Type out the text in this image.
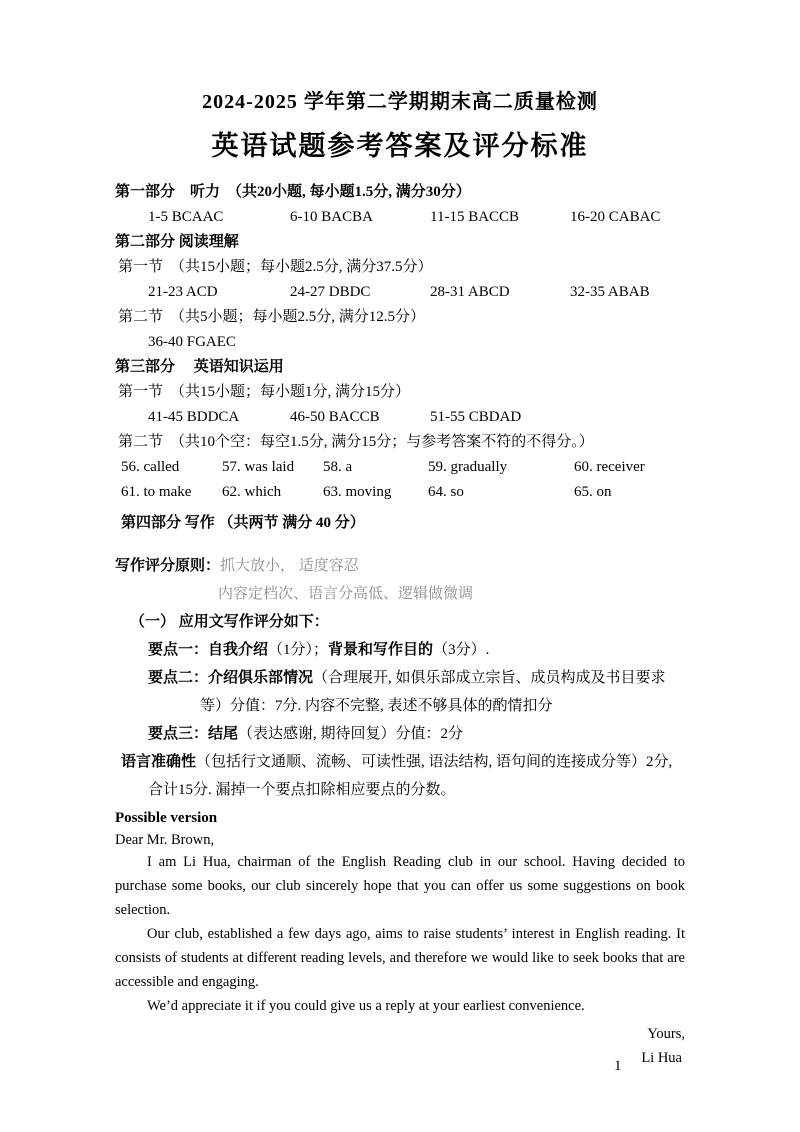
2024-2025 学年第二学期期末高二质量检测
英语试题参考答案及评分标准
第一部分　听力 （共20小题, 每小题1.5分, 满分30分）
1-5 BCAAC	6-10 BACBA	11-15 BACCB	16-20 CABAC
第二部分 阅读理解
第一节 （共15小题；每小题2.5分, 满分37.5分）
21-23 ACD	24-27 DBDC	28-31 ABCD	32-35 ABAB
第二节 （共5小题；每小题2.5分, 满分12.5分）
36-40 FGAEC
第三部分　 英语知识运用
第一节 （共15小题；每小题1分, 满分15分）
41-45 BDDCA	46-50 BACCB	51-55 CBDAD
第二节 （共10个空：每空1.5分, 满分15分；与参考答案不符的不得分。）
56. called	57. was laid	58. a	59. gradually	60. receiver
61. to make	62. which	63. moving	64. so	65. on
第四部分 写作 （共两节 满分 40 分）
写作评分原则：抓大放小， 适度容忍
内容定档次、语言分高低、逻辑做微调
（一） 应用文写作评分如下：
要点一：自我介绍（1分）；背景和写作目的（3分）.
要点二：介绍俱乐部情况（合理展开, 如俱乐部成立宗旨、成员构成及书目要求等）分值：7分. 内容不完整, 表述不够具体的酌情扣分
要点三：结尾（表达感谢, 期待回复）分值：2分
语言准确性（包括行文通顺、流畅、可读性强, 语法结构, 语句间的连接成分等）2分, 合计15分. 漏掉一个要点扣除相应要点的分数。
Possible version
Dear Mr. Brown,

I am Li Hua, chairman of the English Reading club in our school. Having decided to purchase some books, our club sincerely hope that you can offer us some suggestions on book selection.

Our club, established a few days ago, aims to raise students’ interest in English reading. It consists of students at different reading levels, and therefore we would like to seek books that are accessible and engaging.

We’d appreciate it if you could give us a reply at your earliest convenience.

Yours,
Li Hua
1
